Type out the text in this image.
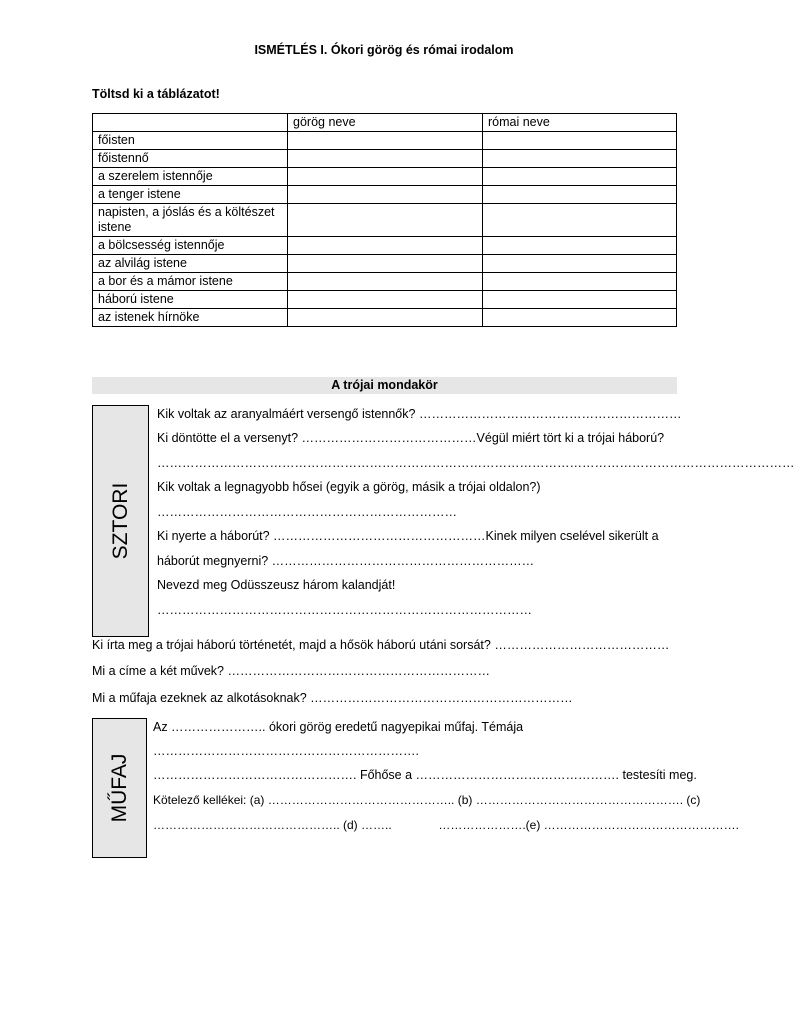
ISMÉTLÉS I. Ókori görög és római irodalom
Töltsd ki a táblázatot!
	görög neve	római neve
főisten		
főistennő		
a szerelem istennője		
a tenger istene		
napisten, a jóslás és a költészet istene		
a bölcsesség istennője		
az alvilág istene		
a bor és a mámor istene		
háború istene		
az istenek hírnöke		
A trójai mondakör
SZTORI
Kik voltak az aranyalmáért versengő istennők? ………………………………………………………
Ki döntötte el a versenyt? ……………………………………Végül miért tört ki a trójai háború?
………………………………………………………………………………………………………………………………………
Kik voltak a legnagyobb hősei (egyik a görög, másik a trójai oldalon?)
………………………………………………………………
Ki nyerte a háborút? ……………………………………………Kinek milyen cselével sikerült a
háborút megnyerni? ………………………………………………………
Nevezd meg Odüsszeusz három kalandját!
………………………………………………………………………………
Ki írta meg a trójai háború történetét, majd a hősök háború utáni sorsát? ……………………………………
Mi a címe a két művek? ………………………………………………………
Mi a műfaja ezeknek az alkotásoknak? ………………………………………………………
MŰFAJ
Az ………………….. ókori görög eredetű nagyepikai műfaj. Témája
……………………………………………………….
…………………………………………. Főhőse a …………………………………………. testesíti meg.
Kötelező kellékei: (a) ……………………………………….. (b) ……………………………………………. (c)
……………………………………….. (d) ……..              ………………….(e) ………………………………………….
